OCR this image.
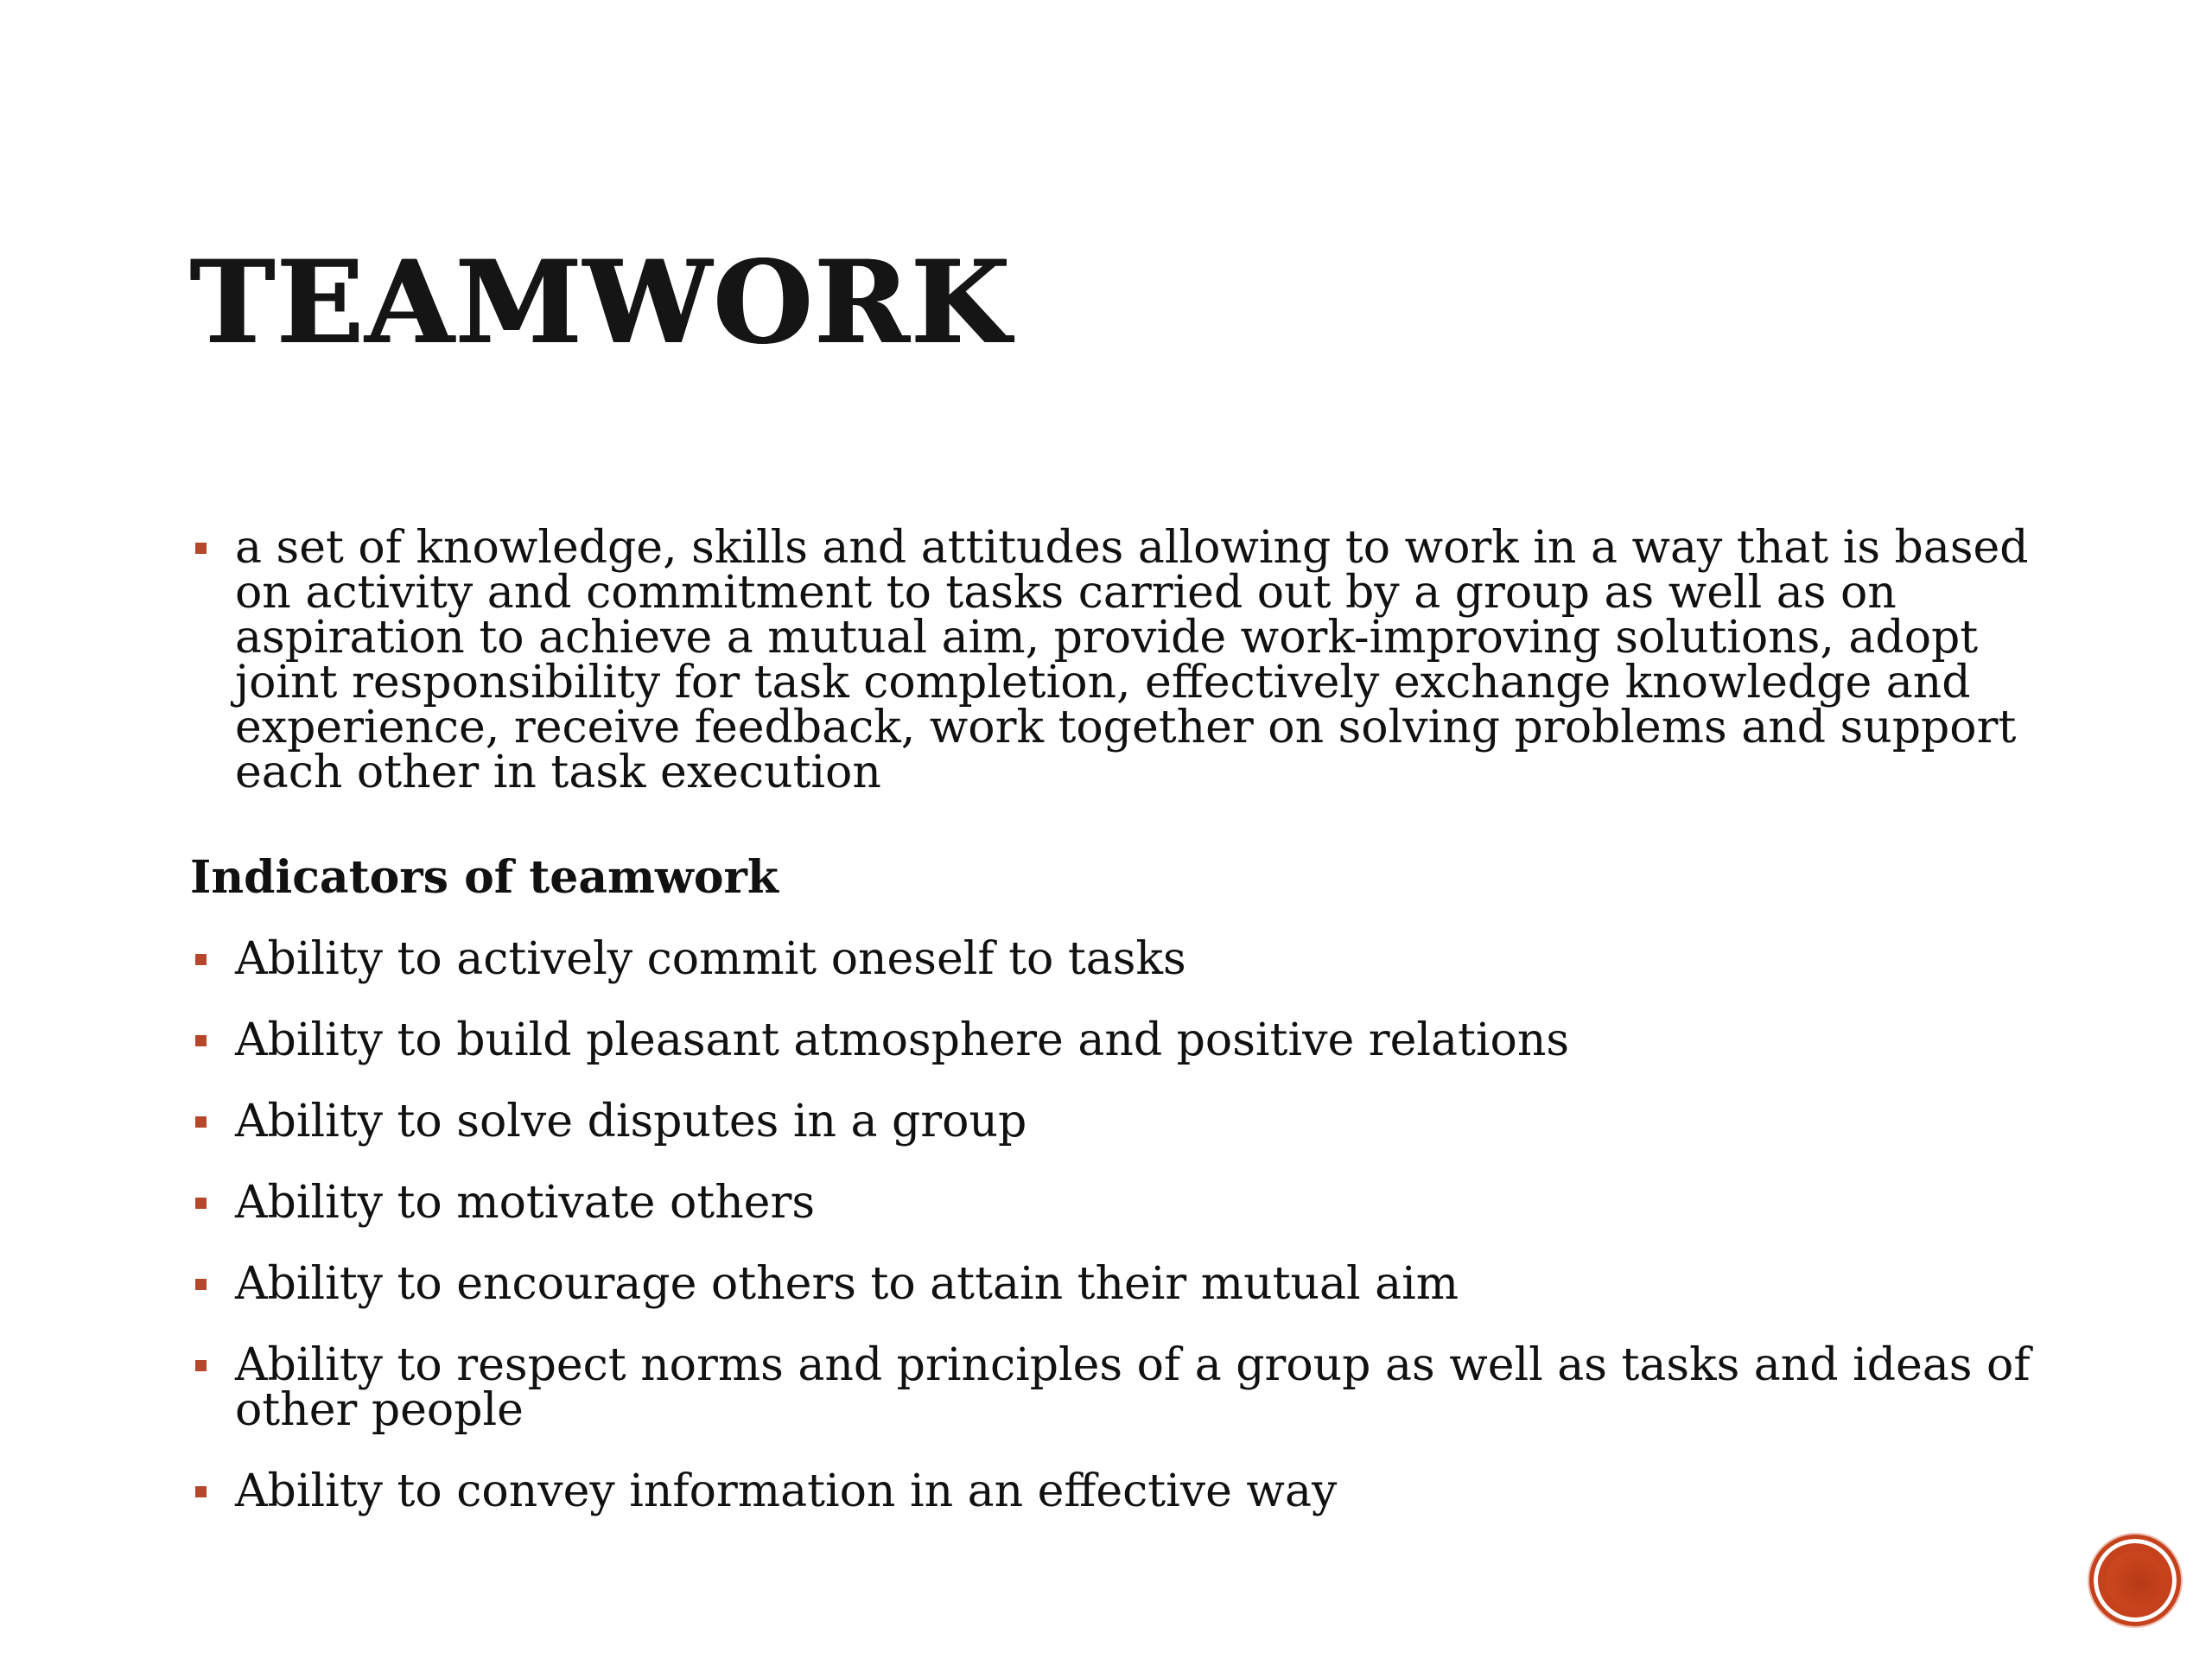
TEAMWORK
a set of knowledge, skills and attitudes allowing to work in a way that is based on activity and commitment to tasks carried out by a group as well as on aspiration to achieve a mutual aim, provide work-improving solutions, adopt joint responsibility for task completion, effectively exchange knowledge and experience, receive feedback, work together on solving problems and support each other in task execution
Indicators of teamwork
Ability to actively commit oneself to tasks
Ability to build pleasant atmosphere and positive relations
Ability to solve disputes in a group
Ability to motivate others
Ability to encourage others to attain their mutual aim
Ability to respect norms and principles of a group as well as tasks and ideas of other people
Ability to convey information in an effective way
